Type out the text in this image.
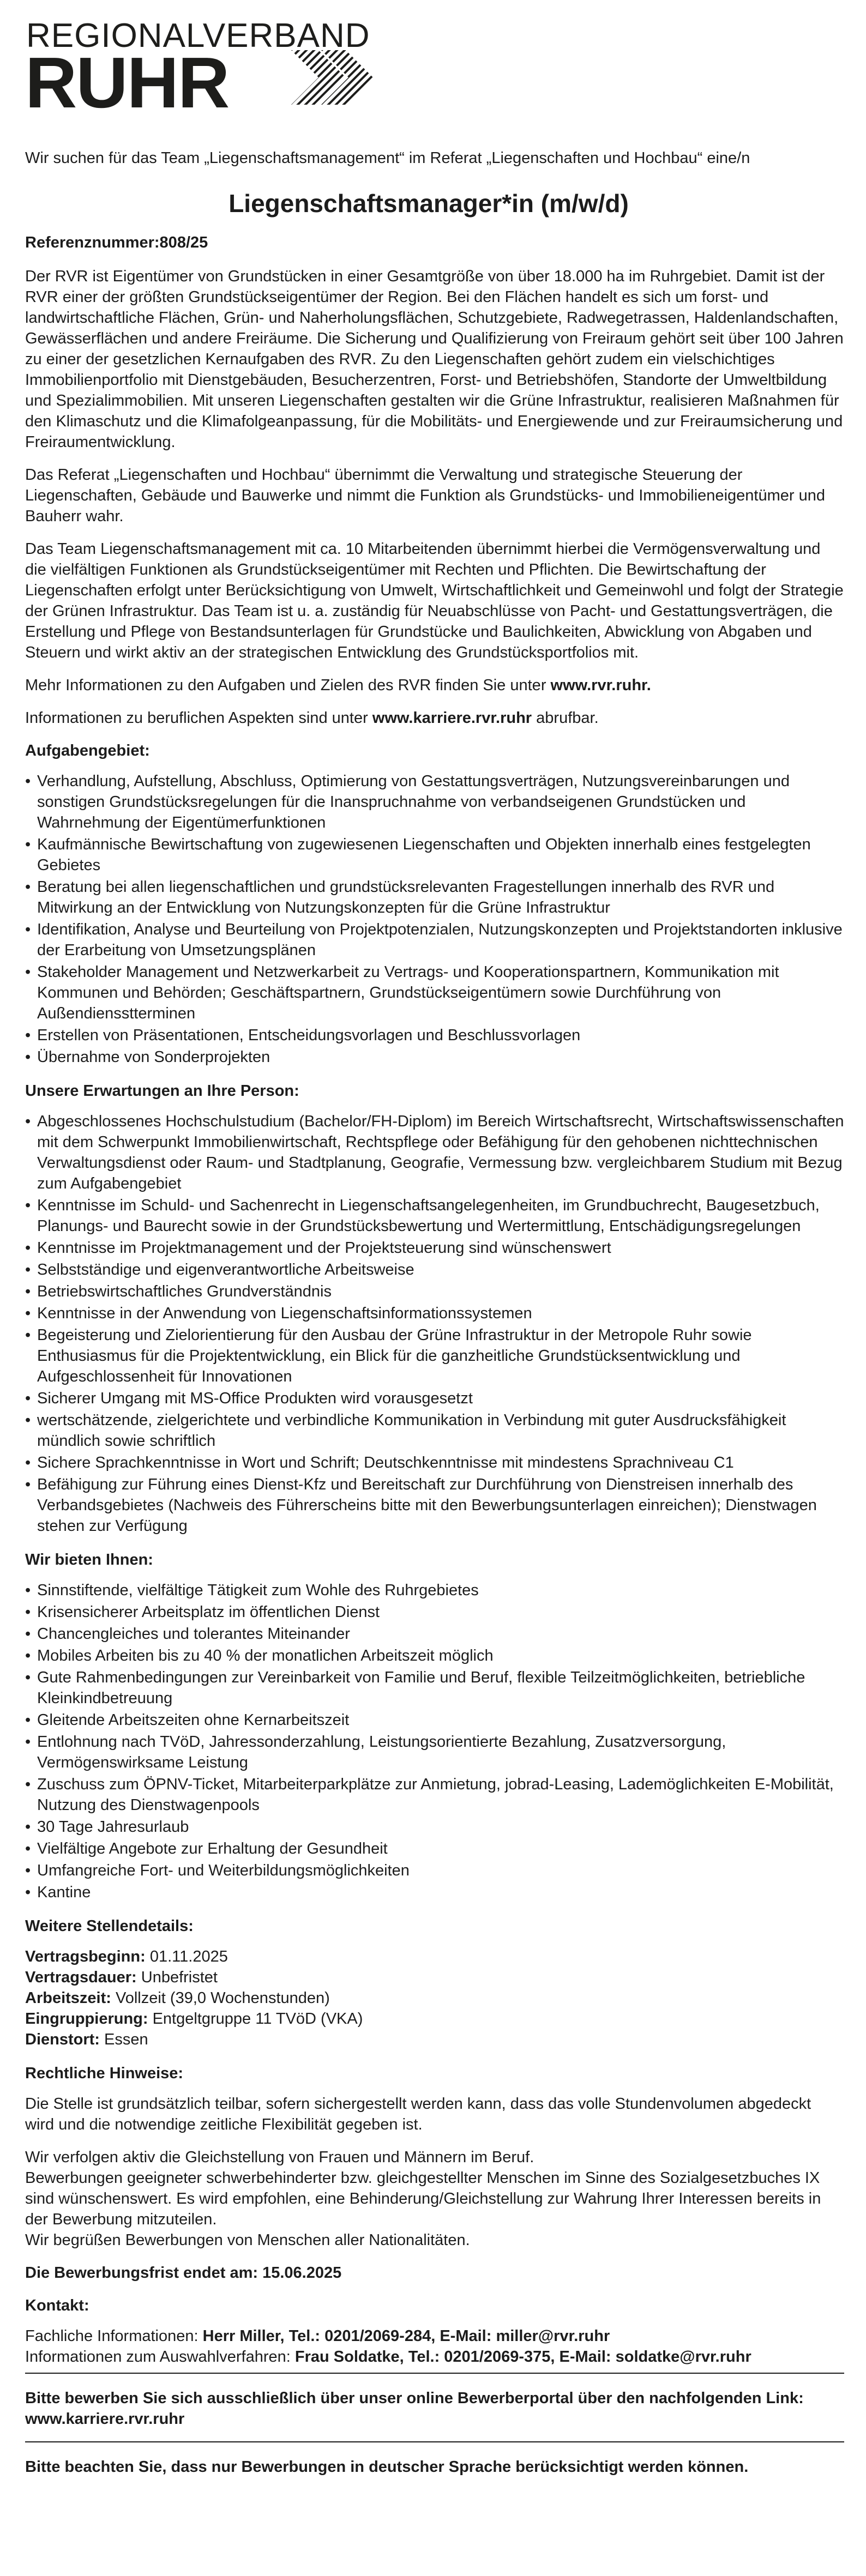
REGIONALVERBAND
RUHR
Wir suchen für das Team „Liegenschaftsmanagement“ im Referat „Liegenschaften und Hochbau“ eine/n
Liegenschaftsmanager*in (m/w/d)
Referenznummer:808/25

Der RVR ist Eigentümer von Grundstücken in einer Gesamtgröße von über 18.000 ha im Ruhrgebiet. Damit ist der RVR einer der größten Grundstückseigentümer der Region. Bei den Flächen handelt es sich um forst- und landwirtschaftliche Flächen, Grün- und Naherholungsflächen, Schutzgebiete, Radwegetrassen, Haldenlandschaften, Gewässerflächen und andere Freiräume. Die Sicherung und Qualifizierung von Freiraum gehört seit über 100 Jahren zu einer der gesetzlichen Kernaufgaben des RVR. Zu den Liegenschaften gehört zudem ein vielschichtiges Immobilienportfolio mit Dienstgebäuden, Besucherzentren, Forst- und Betriebshöfen, Standorte der Umweltbildung und Spezialimmobilien. Mit unseren Liegenschaften gestalten wir die Grüne Infrastruktur, realisieren Maßnahmen für den Klimaschutz und die Klimafolgeanpassung, für die Mobilitäts- und Energiewende und zur Freiraumsicherung und Freiraumentwicklung.

Das Referat „Liegenschaften und Hochbau“ übernimmt die Verwaltung und strategische Steuerung der Liegenschaften, Gebäude und Bauwerke und nimmt die Funktion als Grundstücks- und Immobilieneigentümer und Bauherr wahr.

Das Team Liegenschaftsmanagement mit ca. 10 Mitarbeitenden übernimmt hierbei die Vermögensverwaltung und die vielfältigen Funktionen als Grundstückseigentümer mit Rechten und Pflichten. Die Bewirtschaftung der Liegenschaften erfolgt unter Berücksichtigung von Umwelt, Wirtschaftlichkeit und Gemeinwohl und folgt der Strategie der Grünen Infrastruktur. Das Team ist u. a. zuständig für Neuabschlüsse von Pacht- und Gestattungsverträgen, die Erstellung und Pflege von Bestandsunterlagen für Grundstücke und Baulichkeiten, Abwicklung von Abgaben und Steuern und wirkt aktiv an der strategischen Entwicklung des Grundstücksportfolios mit.

Mehr Informationen zu den Aufgaben und Zielen des RVR finden Sie unter www.rvr.ruhr.

Informationen zu beruflichen Aspekten sind unter www.karriere.rvr.ruhr abrufbar.

Aufgabengebiet:
• Verhandlung, Aufstellung, Abschluss, Optimierung von Gestattungsverträgen, Nutzungsvereinbarungen und sonstigen Grundstücksregelungen für die Inanspruchnahme von verbandseigenen Grundstücken und Wahrnehmung der Eigentümerfunktionen
• Kaufmännische Bewirtschaftung von zugewiesenen Liegenschaften und Objekten innerhalb eines festgelegten Gebietes
• Beratung bei allen liegenschaftlichen und grundstücksrelevanten Fragestellungen innerhalb des RVR und Mitwirkung an der Entwicklung von Nutzungskonzepten für die Grüne Infrastruktur
• Identifikation, Analyse und Beurteilung von Projektpotenzialen, Nutzungskonzepten und Projektstandorten inklusive der Erarbeitung von Umsetzungsplänen
• Stakeholder Management und Netzwerkarbeit zu Vertrags- und Kooperationspartnern, Kommunikation mit Kommunen und Behörden; Geschäftspartnern, Grundstückseigentümern sowie Durchführung von Außendiensstterminen
• Erstellen von Präsentationen, Entscheidungsvorlagen und Beschlussvorlagen
• Übernahme von Sonderprojekten
Unsere Erwartungen an Ihre Person:
• Abgeschlossenes Hochschulstudium (Bachelor/FH-Diplom) im Bereich Wirtschaftsrecht, Wirtschaftswissenschaften mit dem Schwerpunkt Immobilienwirtschaft, Rechtspflege oder Befähigung für den gehobenen nichttechnischen Verwaltungsdienst oder Raum- und Stadtplanung, Geografie, Vermessung bzw. vergleichbarem Studium mit Bezug zum Aufgabengebiet
• Kenntnisse im Schuld- und Sachenrecht in Liegenschaftsangelegenheiten, im Grundbuchrecht, Baugesetzbuch, Planungs- und Baurecht sowie in der Grundstücksbewertung und Wertermittlung, Entschädigungsregelungen
• Kenntnisse im Projektmanagement und der Projektsteuerung sind wünschenswert
• Selbstständige und eigenverantwortliche Arbeitsweise
• Betriebswirtschaftliches Grundverständnis
• Kenntnisse in der Anwendung von Liegenschaftsinformationssystemen
• Begeisterung und Zielorientierung für den Ausbau der Grüne Infrastruktur in der Metropole Ruhr sowie Enthusiasmus für die Projektentwicklung, ein Blick für die ganzheitliche Grundstücksentwicklung und Aufgeschlossenheit für Innovationen
• Sicherer Umgang mit MS-Office Produkten wird vorausgesetzt
• wertschätzende, zielgerichtete und verbindliche Kommunikation in Verbindung mit guter Ausdrucksfähigkeit mündlich sowie schriftlich
• Sichere Sprachkenntnisse in Wort und Schrift; Deutschkenntnisse mit mindestens Sprachniveau C1
• Befähigung zur Führung eines Dienst-Kfz und Bereitschaft zur Durchführung von Dienstreisen innerhalb des Verbandsgebietes (Nachweis des Führerscheins bitte mit den Bewerbungsunterlagen einreichen); Dienstwagen stehen zur Verfügung
Wir bieten Ihnen:
• Sinnstiftende, vielfältige Tätigkeit zum Wohle des Ruhrgebietes
• Krisensicherer Arbeitsplatz im öffentlichen Dienst
• Chancengleiches und tolerantes Miteinander
• Mobiles Arbeiten bis zu 40 % der monatlichen Arbeitszeit möglich
• Gute Rahmenbedingungen zur Vereinbarkeit von Familie und Beruf, flexible Teilzeitmöglichkeiten, betriebliche Kleinkindbetreuung
• Gleitende Arbeitszeiten ohne Kernarbeitszeit
• Entlohnung nach TVöD, Jahressonderzahlung, Leistungsorientierte Bezahlung, Zusatzversorgung, Vermögenswirksame Leistung
• Zuschuss zum ÖPNV-Ticket, Mitarbeiterparkplätze zur Anmietung, jobrad-Leasing, Lademöglichkeiten E-Mobilität, Nutzung des Dienstwagenpools
• 30 Tage Jahresurlaub
• Vielfältige Angebote zur Erhaltung der Gesundheit
• Umfangreiche Fort- und Weiterbildungsmöglichkeiten
• Kantine
Weitere Stellendetails:
Vertragsbeginn: 01.11.2025
Vertragsdauer: Unbefristet
Arbeitszeit: Vollzeit (39,0 Wochenstunden)
Eingruppierung: Entgeltgruppe 11 TVöD (VKA)
Dienstort: Essen
Rechtliche Hinweise:

Die Stelle ist grundsätzlich teilbar, sofern sichergestellt werden kann, dass das volle Stundenvolumen abgedeckt wird und die notwendige zeitliche Flexibilität gegeben ist.

Wir verfolgen aktiv die Gleichstellung von Frauen und Männern im Beruf.

Bewerbungen geeigneter schwerbehinderter bzw. gleichgestellter Menschen im Sinne des Sozialgesetzbuches IX sind wünschenswert. Es wird empfohlen, eine Behinderung/Gleichstellung zur Wahrung Ihrer Interessen bereits in der Bewerbung mitzuteilen.

Wir begrüßen Bewerbungen von Menschen aller Nationalitäten.

Die Bewerbungsfrist endet am: 15.06.2025

Kontakt:
Fachliche Informationen: Herr Miller, Tel.: 0201/2069-284, E-Mail: miller@rvr.ruhr
Informationen zum Auswahlverfahren: Frau Soldatke, Tel.: 0201/2069-375, E-Mail: soldatke@rvr.ruhr

Bitte bewerben Sie sich ausschließlich über unser online Bewerberportal über den nachfolgenden Link: www.karriere.rvr.ruhr

Bitte beachten Sie, dass nur Bewerbungen in deutscher Sprache berücksichtigt werden können.
